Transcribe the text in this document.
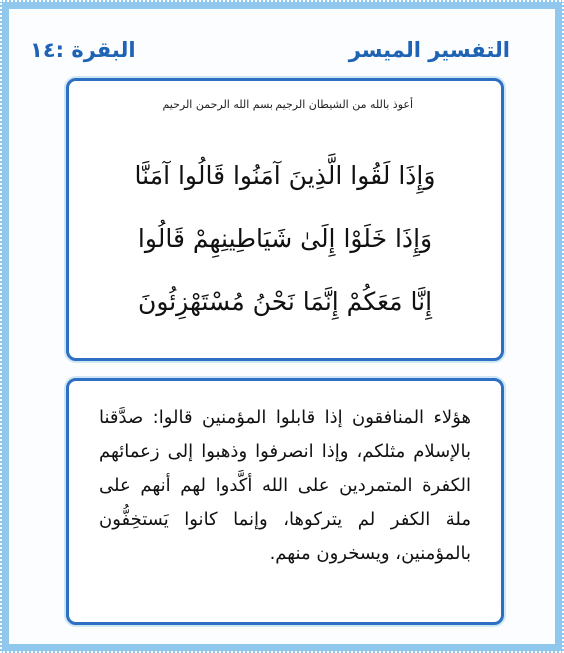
التفسير الميسر
البقرة :١٤
أعوذ بالله من الشيطان الرجيم
بسم الله الرحمن الرحيم
وَإِذَا لَقُوا الَّذِينَ آمَنُوا قَالُوا آمَنَّا
وَإِذَا خَلَوْا إِلَىٰ شَيَاطِينِهِمْ قَالُوا
إِنَّا مَعَكُمْ إِنَّمَا نَحْنُ مُسْتَهْزِئُونَ
هؤلاء المنافقون إذا قابلوا المؤمنين قالوا: صدَّقنا بالإسلام مثلكم، وإذا انصرفوا وذهبوا إلى زعمائهم الكفرة المتمردين على الله أكَّدوا لهم أنهم على ملة الكفر لم يتركوها، وإنما كانوا يَستخِفُّون بالمؤمنين، ويسخرون منهم.
